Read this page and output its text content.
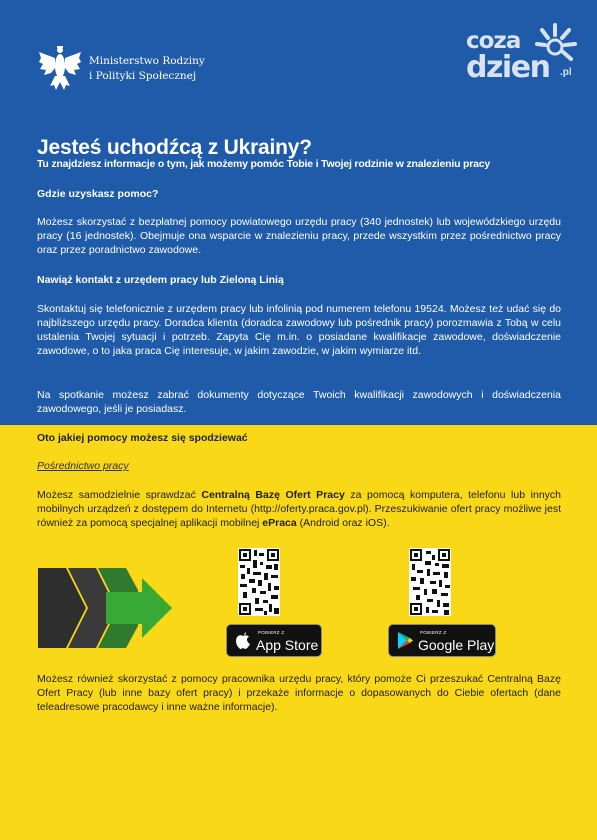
Ministerstwo Rodziny
i Polityki Społecznej
coza
dzien .pl
Jesteś uchodźcą z Ukrainy?
Tu znajdziesz informacje o tym, jak możemy pomóc Tobie i Twojej rodzinie w znalezieniu pracy
Gdzie uzyskasz pomoc?
Możesz skorzystać z bezpłatnej pomocy powiatowego urzędu pracy (340 jednostek) lub wojewódzkiego urzędu pracy (16 jednostek). Obejmuje ona wsparcie w znalezieniu pracy, przede wszystkim przez pośrednictwo pracy oraz przez poradnictwo zawodowe.
Nawiąż kontakt z urzędem pracy lub Zieloną Linią
Skontaktuj się telefonicznie z urzędem pracy lub infolinią pod numerem telefonu 19524. Możesz też udać się do najbliższego urzędu pracy. Doradca klienta (doradca zawodowy lub pośrednik pracy) porozmawia z Tobą w celu ustalenia Twojej sytuacji i potrzeb. Zapyta Cię m.in. o posiadane kwalifikacje zawodowe, doświadczenie zawodowe, o to jaka praca Cię interesuje, w jakim zawodzie, w jakim wymiarze itd.
Na spotkanie możesz zabrać dokumenty dotyczące Twoich kwalifikacji zawodowych i doświadczenia zawodowego, jeśli je posiadasz.
Oto jakiej pomocy możesz się spodziewać
Pośrednictwo pracy
Możesz samodzielnie sprawdzać Centralną Bazę Ofert Pracy za pomocą komputera, telefonu lub innych mobilnych urządzeń z dostępem do Internetu (http://oferty.praca.gov.pl). Przeszukiwanie ofert pracy możliwe jest również za pomocą specjalnej aplikacji mobilnej ePraca (Android oraz iOS).
POBIERZ Z
App Store
POBIERZ Z
Google Play
Możesz również skorzystać z pomocy pracownika urzędu pracy, który pomoże Ci przeszukać Centralną Bazę Ofert Pracy (lub inne bazy ofert pracy) i przekaże informacje o dopasowanych do Ciebie ofertach (dane teleadresowe pracodawcy i inne ważne informacje).
